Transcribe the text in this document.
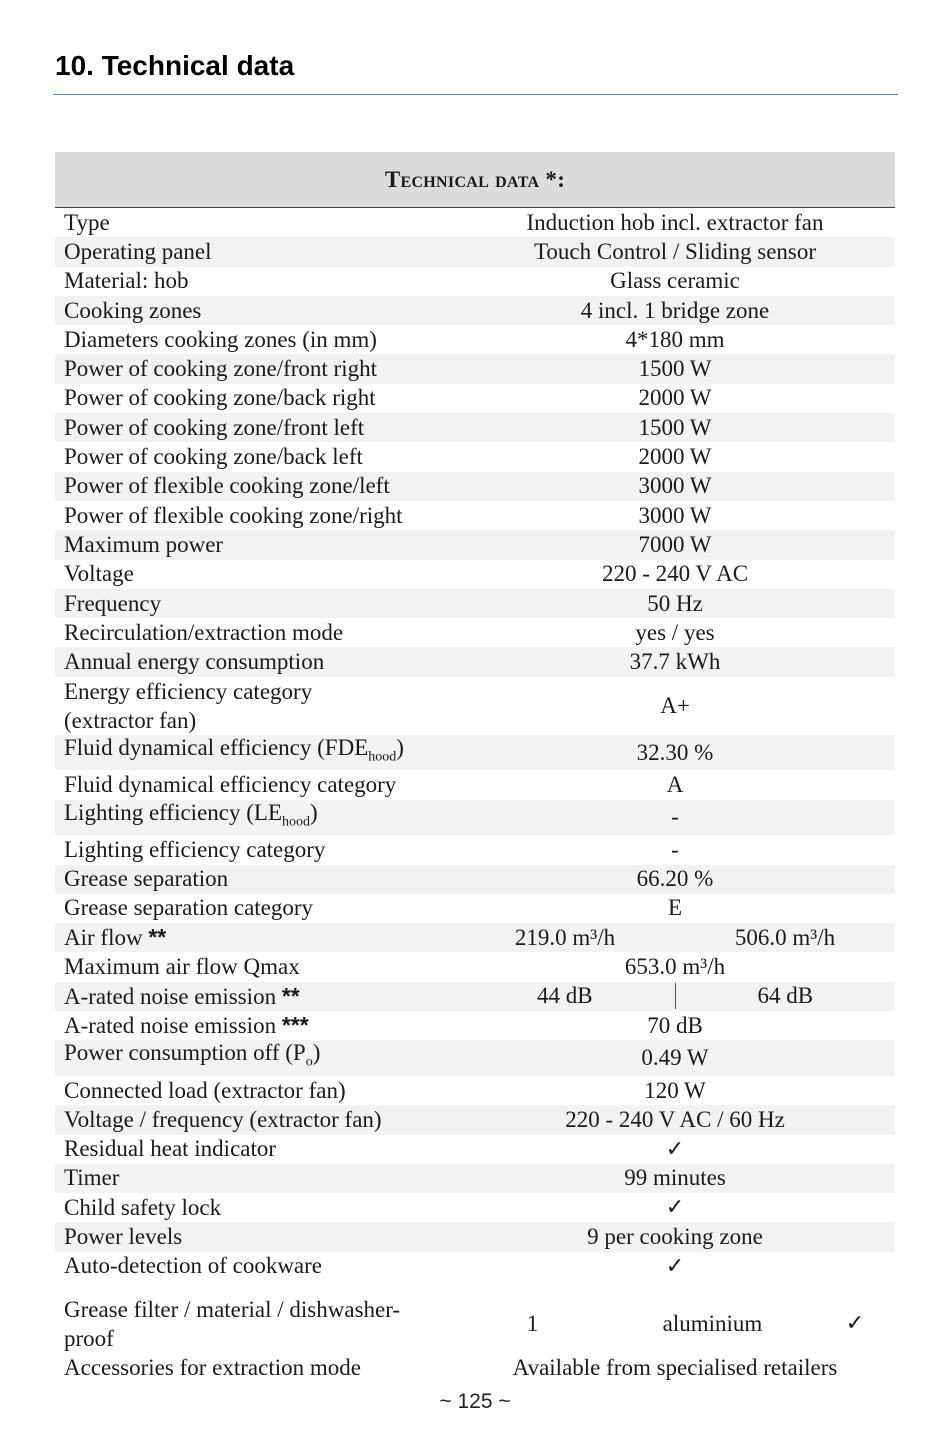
10. Technical data
Technical data *:	
Type	Induction hob incl. extractor fan
Operating panel	Touch Control / Sliding sensor
Material: hob	Glass ceramic
Cooking zones	4 incl. 1 bridge zone
Diameters cooking zones (in mm)	4*180 mm
Power of cooking zone/front right	1500 W
Power of cooking zone/back right	2000 W
Power of cooking zone/front left	1500 W
Power of cooking zone/back left	2000 W
Power of flexible cooking zone/left	3000 W
Power of flexible cooking zone/right	3000 W
Maximum power	7000 W
Voltage	220 - 240 V AC
Frequency	50 Hz
Recirculation/extraction mode	yes / yes
Annual energy consumption	37.7 kWh
Energy efficiency category
(extractor fan)	A+
Fluid dynamical efficiency $(FDE_{hood})$	32.30 %
Fluid dynamical efficiency category	A
Lighting efficiency $(LE_{hood})$	-
Lighting efficiency category	-
Grease separation	66.20 %
Grease separation category	E
Air flow **	219.0 m³/h 506.0 m³/h

Maximum air flow Qmax	653.0 m³/h
A-rated noise emission **	44 dB 64 dB

A-rated noise emission ***	70 dB
Power consumption off $(P_o)$	0.49 W
Connected load (extractor fan)	120 W
Voltage / frequency (extractor fan)	220 - 240 V AC / 60 Hz
Residual heat indicator	✓
Timer	99 minutes
Child safety lock	✓
Power levels	9 per cooking zone
Auto-detection of cookware	✓
Grease filter / material / dishwasher-
proof	1 aluminium ✓

Accessories for extraction mode	Available from specialised retailers
~ 125 ~
